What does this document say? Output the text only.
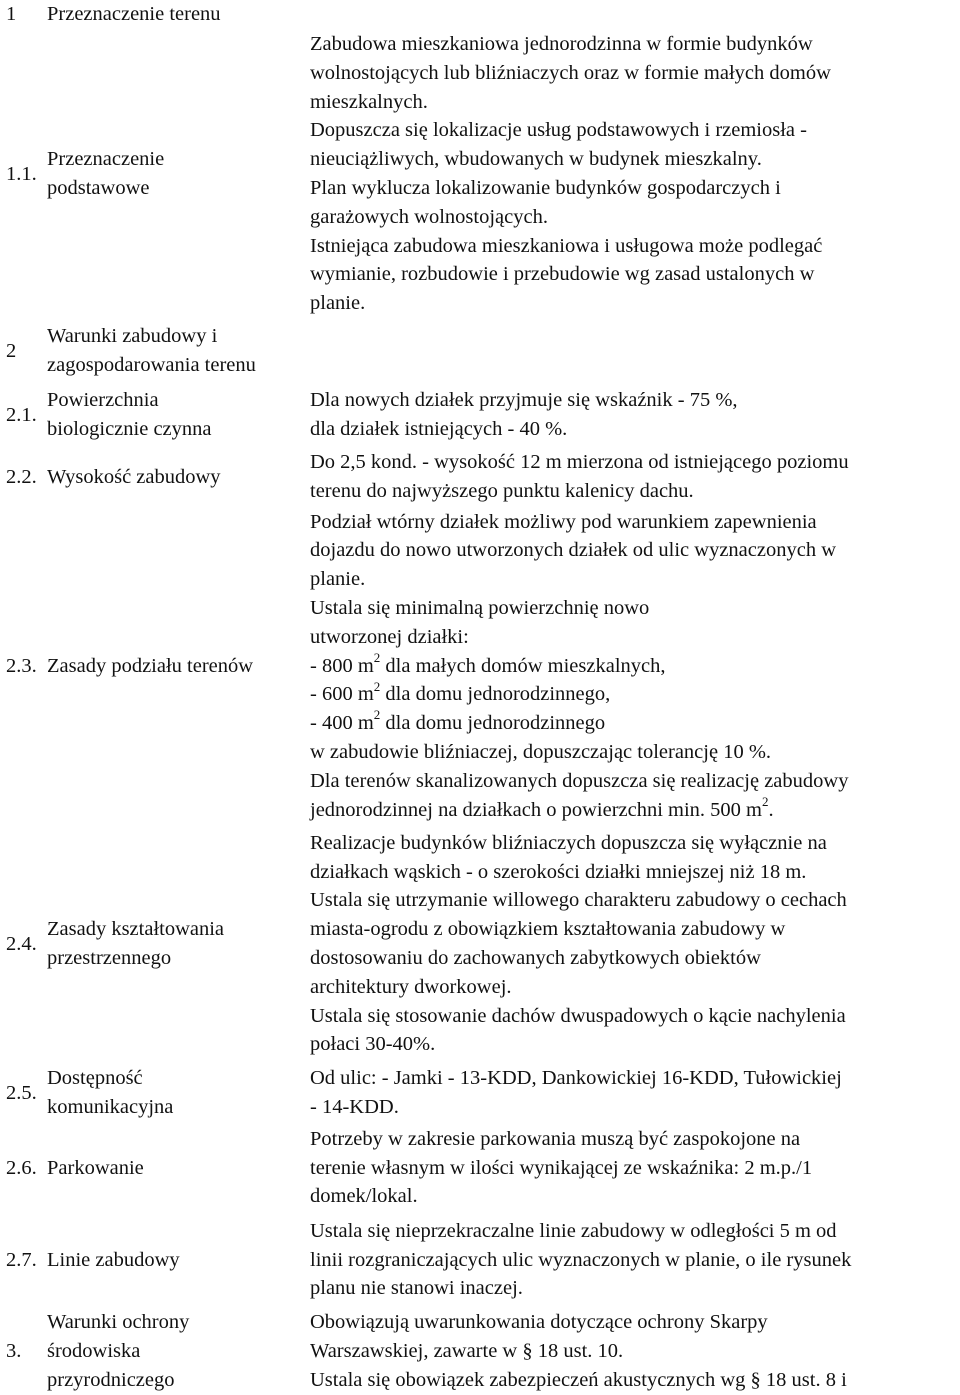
1	Przeznaczenie terenu
1.1.
Przeznaczenie
podstawowe
Zabudowa mieszkaniowa jednorodzinna w formie budynków
wolnostojących lub bliźniaczych oraz w formie małych domów
mieszkalnych.
Dopuszcza się lokalizacje usług podstawowych i rzemiosła -
nieuciążliwych, wbudowanych w budynek mieszkalny.
Plan wyklucza lokalizowanie budynków gospodarczych i
garażowych wolnostojących.
Istniejąca zabudowa mieszkaniowa i usługowa może podlegać
wymianie, rozbudowie i przebudowie wg zasad ustalonych w
planie.
2
Warunki zabudowy i
zagospodarowania terenu
2.1.
Powierzchnia
biologicznie czynna
Dla nowych działek przyjmuje się wskaźnik - 75 %,
dla działek istniejących - 40 %.
2.2. Wysokość zabudowy
Do 2,5 kond. - wysokość 12 m mierzona od istniejącego poziomu
terenu do najwyższego punktu kalenicy dachu.
2.3. Zasady podziału terenów
Podział wtórny działek możliwy pod warunkiem zapewnienia
dojazdu do nowo utworzonych działek od ulic wyznaczonych w
planie.
Ustala się minimalną powierzchnię nowo
utworzonej działki:
- 800 $m^2$ dla małych domów mieszkalnych,
- 600 $m^2$ dla domu jednorodzinnego,
- 400 $m^2$ dla domu jednorodzinnego
w zabudowie bliźniaczej, dopuszczając tolerancję 10 %.
Dla terenów skanalizowanych dopuszcza się realizację zabudowy
jednorodzinnej na działkach o powierzchni min. 500 $m^2$.
2.4.
Zasady kształtowania
przestrzennego
Realizacje budynków bliźniaczych dopuszcza się wyłącznie na
działkach wąskich - o szerokości działki mniejszej niż 18 m.
Ustala się utrzymanie willowego charakteru zabudowy o cechach
miasta-ogrodu z obowiązkiem kształtowania zabudowy w
dostosowaniu do zachowanych zabytkowych obiektów
architektury dworkowej.
Ustala się stosowanie dachów dwuspadowych o kącie nachylenia
połaci 30-40%.
2.5.
Dostępność
komunikacyjna
Od ulic: - Jamki - 13-KDD, Dankowickiej 16-KDD, Tułowickiej
- 14-KDD.
2.6. Parkowanie
Potrzeby w zakresie parkowania muszą być zaspokojone na
terenie własnym w ilości wynikającej ze wskaźnika: 2 m.p./1
domek/lokal.
2.7. Linie zabudowy
Ustala się nieprzekraczalne linie zabudowy w odległości 5 m od
linii rozgraniczających ulic wyznaczonych w planie, o ile rysunek
planu nie stanowi inaczej.
3.
Warunki ochrony
środowiska
przyrodniczego
Obowiązują uwarunkowania dotyczące ochrony Skarpy
Warszawskiej, zawarte w § 18 ust. 10.
Ustala się obowiązek zabezpieczeń akustycznych wg § 18 ust. 8 i
